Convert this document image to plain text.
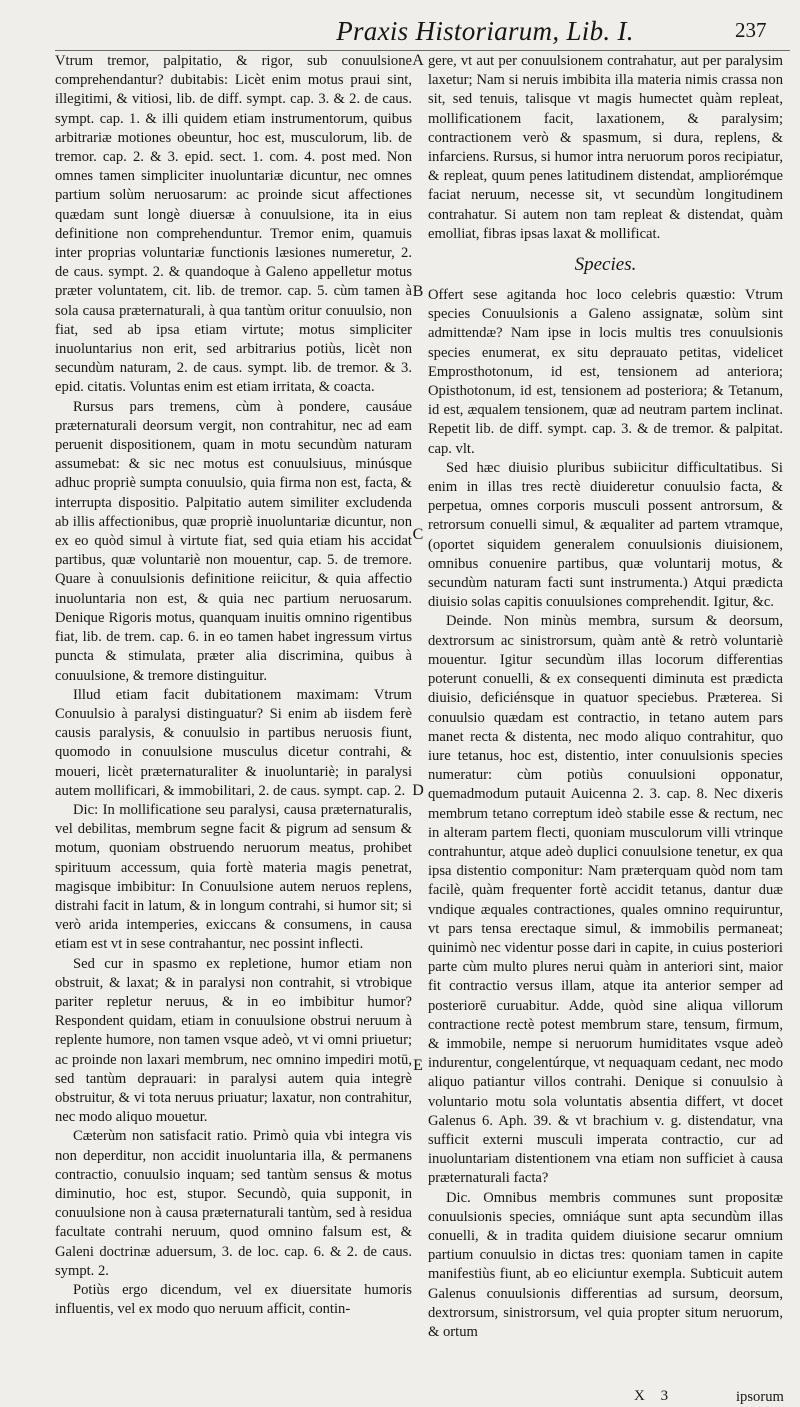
Praxis Historiarum, Lib. I.	237
A
B
C
D
E

Vtrum tremor, palpitatio, & rigor, sub conuulsione comprehendantur? dubitabis: Licèt enim motus praui sint, illegitimi, & vitiosi, lib. de diff. sympt. cap. 3. & 2. de caus. sympt. cap. 1. & illi quidem etiam instrumentorum, quibus arbitrariæ motiones obeuntur, hoc est, musculorum, lib. de tremor. cap. 2. & 3. epid. sect. 1. com. 4. post med. Non omnes tamen simpliciter inuoluntariæ dicuntur, nec omnes partium solùm neruosarum: ac proinde sicut affectiones quædam sunt longè diuersæ à conuulsione, ita in eius definitione non comprehenduntur. Tremor enim, quamuis inter proprias voluntariæ functionis læsiones numeretur, 2. de caus. sympt. 2. & quandoque à Galeno appelletur motus præter voluntatem, cit. lib. de tremor. cap. 5. cùm tamen à sola causa præternaturali, à qua tantùm oritur conuulsio, non fiat, sed ab ipsa etiam virtute; motus simpliciter inuoluntarius non erit, sed arbitrarius potiùs, licèt non secundùm naturam, 2. de caus. sympt. lib. de tremor. & 3. epid. citatis. Voluntas enim est etiam irritata, & coacta.

Rursus pars tremens, cùm à pondere, causáue præternaturali deorsum vergit, non contrahitur, nec ad eam peruenit dispositionem, quam in motu secundùm naturam assumebat: & sic nec motus est conuulsiuus, minúsque adhuc propriè sumpta conuulsio, quia firma non est, facta, & interrupta dispositio. Palpitatio autem similiter excludenda ab illis affectionibus, quæ propriè inuoluntariæ dicuntur, non ex eo quòd simul à virtute fiat, sed quia etiam his accidat partibus, quæ voluntariè non mouentur, cap. 5. de tremore. Quare à conuulsionis definitione reiicitur, & quia affectio inuoluntaria non est, & quia nec partium neruosarum. Denique Rigoris motus, quanquam inuitis omnino rigentibus fiat, lib. de trem. cap. 6. in eo tamen habet ingressum virtus puncta & stimulata, præter alia discrimina, quibus à conuulsione, & tremore distinguitur.

Illud etiam facit dubitationem maximam: Vtrum Conuulsio à paralysi distinguatur? Si enim ab iisdem ferè causis paralysis, & conuulsio in partibus neruosis fiunt, quomodo in conuulsione musculus dicetur contrahi, & moueri, licèt præternaturaliter & inuoluntariè; in paralysi autem mollificari, & immobilitari, 2. de caus. sympt. cap. 2.

Dic: In mollificatione seu paralysi, causa præternaturalis, vel debilitas, membrum segne facit & pigrum ad sensum & motum, quoniam obstruendo neruorum meatus, prohibet spirituum accessum, quia fortè materia magis penetrat, magisque imbibitur: In Conuulsione autem neruos replens, distrahi facit in latum, & in longum contrahi, si humor sit; si verò arida intemperies, exiccans & consumens, in causa etiam est vt in sese contrahantur, nec possint inflecti.

Sed cur in spasmo ex repletione, humor etiam non obstruit, & laxat; & in paralysi non contrahit, si vtrobique pariter repletur neruus, & in eo imbibitur humor? Respondent quidam, etiam in conuulsione obstrui neruum à replente humore, non tamen vsque adeò, vt vi omni priuetur; ac proinde non laxari membrum, nec omnino impediri motū, sed tantùm deprauari: in paralysi autem quia integrè obstruitur, & vi tota neruus priuatur; laxatur, non contrahitur, nec modo aliquo mouetur.

Cæterùm non satisfacit ratio. Primò quia vbi integra vis non deperditur, non accidit inuoluntaria illa, & permanens contractio, conuulsio inquam; sed tantùm sensus & motus diminutio, hoc est, stupor. Secundò, quia supponit, in conuulsione non à causa præternaturali tantùm, sed à residua facultate contrahi neruum, quod omnino falsum est, & Galeni doctrinæ aduersum, 3. de loc. cap. 6. & 2. de caus. sympt. 2.

Potiùs ergo dicendum, vel ex diuersitate humoris influentis, vel ex modo quo neruum afficit, contin-

gere, vt aut per conuulsionem contrahatur, aut per paralysim laxetur; Nam si neruis imbibita illa materia nimis crassa non sit, sed tenuis, talisque vt magis humectet quàm repleat, mollificationem facit, laxationem, & paralysim; contractionem verò & spasmum, si dura, replens, & infarciens. Rursus, si humor intra neruorum poros recipiatur, & repleat, quum penes latitudinem distendat, ampliorémque faciat neruum, necesse sit, vt secundùm longitudinem contrahatur. Si autem non tam repleat & distendat, quàm emolliat, fibras ipsas laxat & mollificat.

Species.

Offert sese agitanda hoc loco celebris quæstio: Vtrum species Conuulsionis a Galeno assignatæ, solùm sint admittendæ? Nam ipse in locis multis tres conuulsionis species enumerat, ex situ deprauato petitas, videlicet Emprosthotonum, id est, tensionem ad anteriora; Opisthotonum, id est, tensionem ad posteriora; & Tetanum, id est, æqualem tensionem, quæ ad neutram partem inclinat. Repetit lib. de diff. sympt. cap. 3. & de tremor. & palpitat. cap. vlt.

Sed hæc diuisio pluribus subiicitur difficultatibus. Si enim in illas tres rectè diuideretur conuulsio facta, & perpetua, omnes corporis musculi possent antrorsum, & retrorsum conuelli simul, & æqualiter ad partem vtramque, (oportet siquidem generalem conuulsionis diuisionem, omnibus conuenire partibus, quæ voluntarij motus, & secundùm naturam facti sunt instrumenta.) Atqui prædicta diuisio solas capitis conuulsiones comprehendit. Igitur, &c.

Deinde. Non minùs membra, sursum & deorsum, dextrorsum ac sinistrorsum, quàm antè & retrò voluntariè mouentur. Igitur secundùm illas locorum differentias poterunt conuelli, & ex consequenti diminuta est prædicta diuisio, deficiénsque in quatuor speciebus. Præterea. Si conuulsio quædam est contractio, in tetano autem pars manet recta & distenta, nec modo aliquo contrahitur, quo iure tetanus, hoc est, distentio, inter conuulsionis species numeratur: cùm potiùs conuulsioni opponatur, quemadmodum putauit Auicenna 2. 3. cap. 8. Nec dixeris membrum tetano correptum ideò stabile esse & rectum, nec in alteram partem flecti, quoniam musculorum villi vtrinque contrahuntur, atque adeò duplici conuulsione tenetur, ex qua ipsa distentio componitur: Nam præterquam quòd nom tam facilè, quàm frequenter fortè accidit tetanus, dantur duæ vndique æquales contractiones, quales omnino requiruntur, vt pars tensa erectaque simul, & immobilis permaneat; quinimò nec videntur posse dari in capite, in cuius posteriori parte cùm multo plures nerui quàm in anteriori sint, maior fit contractio versus illam, atque ita anterior semper ad posteriorē curuabitur. Adde, quòd sine aliqua villorum contractione rectè potest membrum stare, tensum, firmum, & immobile, nempe si neruorum humiditates vsque adeò indurentur, congelentúrque, vt nequaquam cedant, nec modo aliquo patiantur villos contrahi. Denique si conuulsio à voluntario motu sola voluntatis absentia differt, vt docet Galenus 6. Aph. 39. & vt brachium v. g. distendatur, vna sufficit externi musculi imperata contractio, cur ad inuoluntariam distentionem vna etiam non sufficiet à causa præternaturali facta?

Dic. Omnibus membris communes sunt propositæ conuulsionis species, omniáque sunt apta secundùm illas conuelli, & in tradita quidem diuisione secarur omnium partium conuulsio in dictas tres: quoniam tamen in capite manifestiùs fiunt, ab eo eliciuntur exempla. Subticuit autem Galenus conuulsionis differentias ad sursum, deorsum, dextrorsum, sinistrorsum, vel quia propter situm neruorum, & ortum

X 3	ipsorum
